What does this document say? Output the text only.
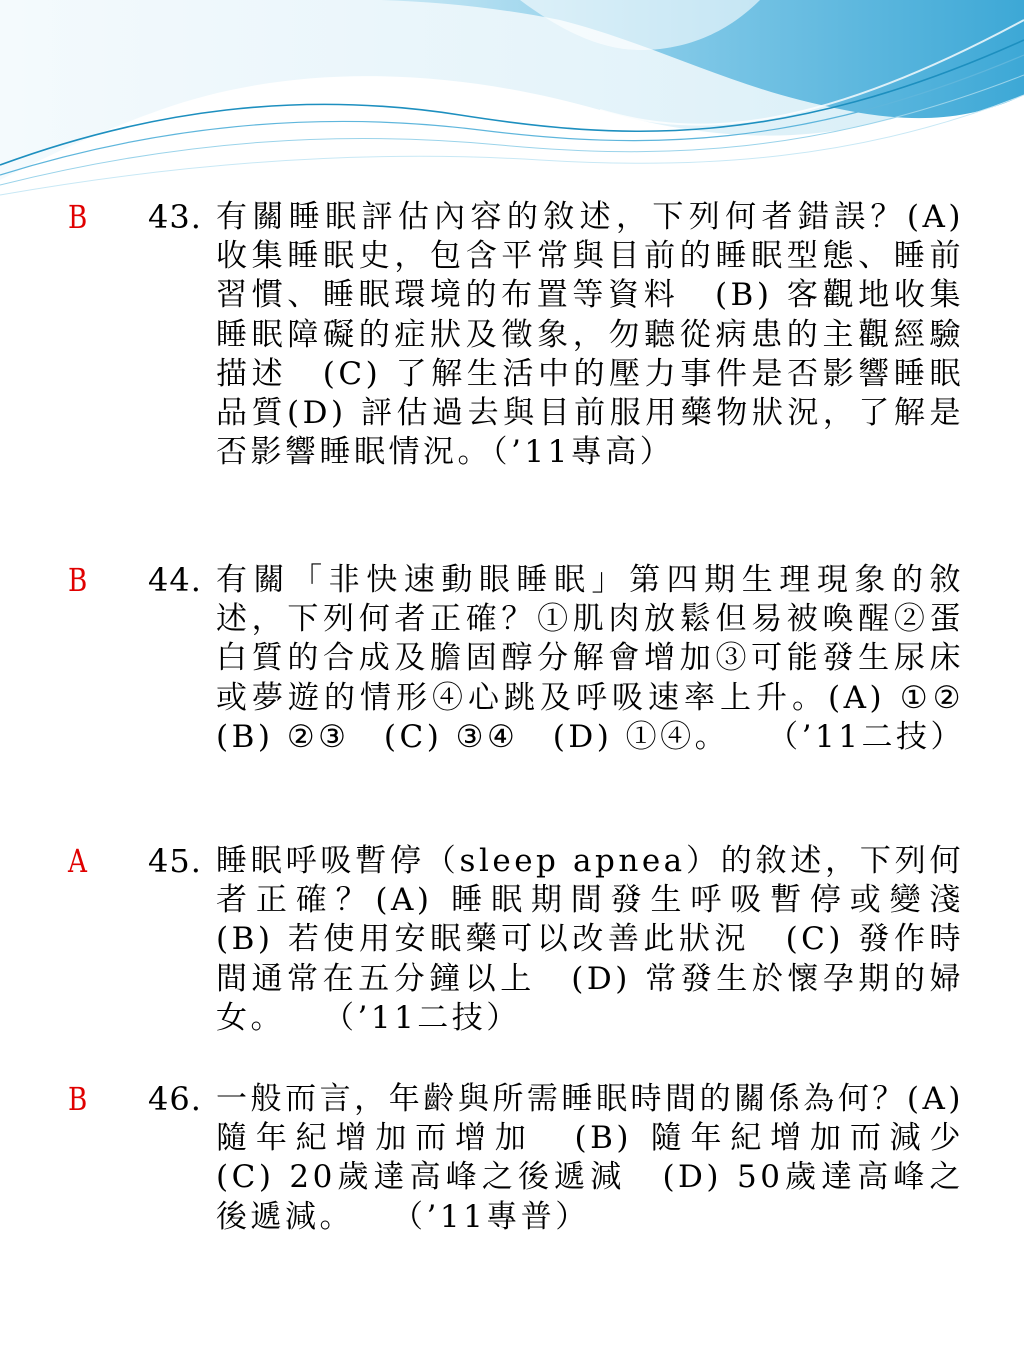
B 43. 有關睡眠評估內容的敘述，下列何者錯誤？(A) 收集睡眠史，包含平常與目前的睡眠型態、睡前習慣、睡眠環境的布置等資料　(B) 客觀地收集睡眠障礙的症狀及徵象，勿聽從病患的主觀經驗描述　(C) 了解生活中的壓力事件是否影響睡眠品質(D) 評估過去與目前服用藥物狀況，了解是否影響睡眠情況。（’11專高）
B 44. 有關「非快速動眼睡眠」第四期生理現象的敘述，下列何者正確？①肌肉放鬆但易被喚醒②蛋白質的合成及膽固醇分解會增加③可能發生尿床或夢遊的情形④心跳及呼吸速率上升。(A) ①②　(B) ②③　(C) ③④　(D) ①④。　　（’11二技）
A 45. 睡眠呼吸暫停（sleep apnea）的敘述，下列何者正確？(A) 睡眠期間發生呼吸暫停或變淺　(B) 若使用安眠藥可以改善此狀況　(C) 發作時間通常在五分鐘以上　(D) 常發生於懷孕期的婦女。　　（’11二技）
B 46. 一般而言，年齡與所需睡眠時間的關係為何？(A) 隨年紀增加而增加　(B) 隨年紀增加而減少　(C) 20歲達高峰之後遞減　(D) 50歲達高峰之後遞減。　　（’11專普）
